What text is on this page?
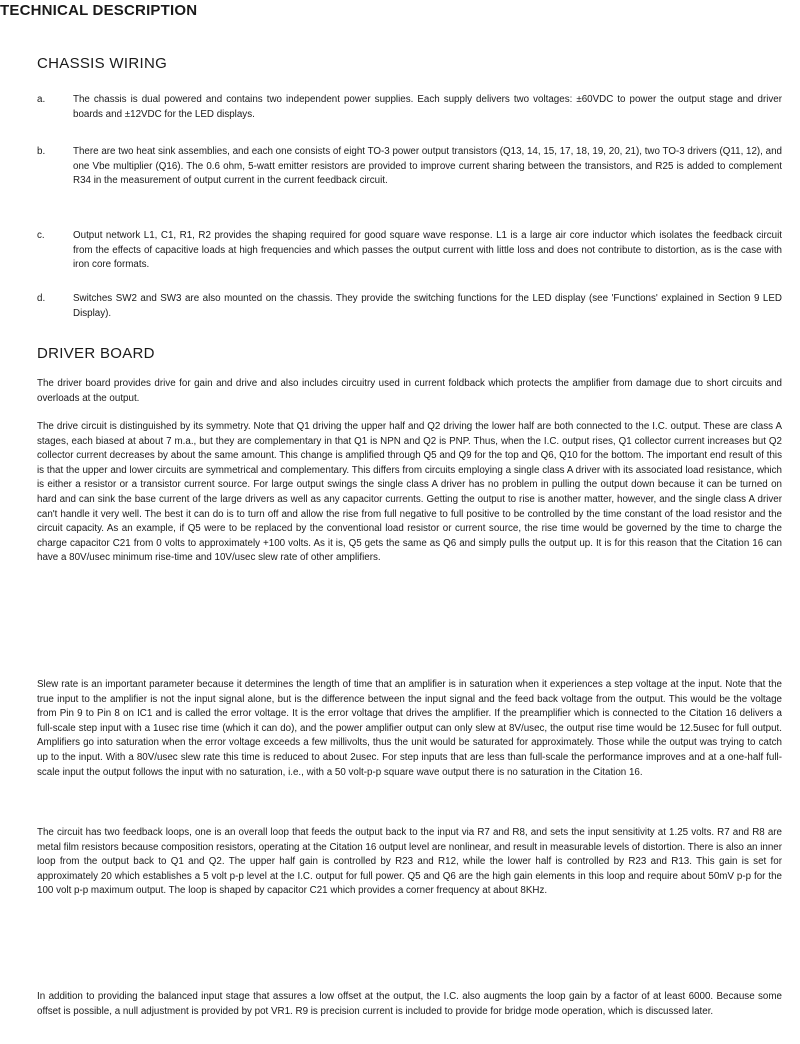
TECHNICAL DESCRIPTION
CHASSIS WIRING
a.	The chassis is dual powered and contains two independent power supplies. Each supply delivers two voltages: ±60VDC to power the output stage and driver boards and ±12VDC for the LED displays.
b.	There are two heat sink assemblies, and each one consists of eight TO-3 power output transistors (Q13, 14, 15, 17, 18, 19, 20, 21), two TO-3 drivers (Q11, 12), and one Vbe multiplier (Q16). The 0.6 ohm, 5-watt emitter resistors are provided to improve current sharing between the transistors, and R25 is added to complement R34 in the measurement of output current in the current feedback circuit.
c.	Output network L1, C1, R1, R2 provides the shaping required for good square wave response. L1 is a large air core inductor which isolates the feedback circuit from the effects of capacitive loads at high frequencies and which passes the output current with little loss and does not contribute to distortion, as is the case with iron core formats.
d.	Switches SW2 and SW3 are also mounted on the chassis. They provide the switching functions for the LED display (see 'Functions' explained in Section 9 LED Display).
DRIVER BOARD

The driver board provides drive for gain and drive and also includes circuitry used in current foldback which protects the amplifier from damage due to short circuits and overloads at the output.

The drive circuit is distinguished by its symmetry. Note that Q1 driving the upper half and Q2 driving the lower half are both connected to the I.C. output. These are class A stages, each biased at about 7 m.a., but they are complementary in that Q1 is NPN and Q2 is PNP. Thus, when the I.C. output rises, Q1 collector current increases but Q2 collector current decreases by about the same amount. This change is amplified through Q5 and Q9 for the top and Q6, Q10 for the bottom. The important end result of this is that the upper and lower circuits are symmetrical and complementary. This differs from circuits employing a single class A driver with its associated load resistance, which is either a resistor or a transistor current source. For large output swings the single class A driver has no problem in pulling the output down because it can be turned on hard and can sink the base current of the large drivers as well as any capacitor currents. Getting the output to rise is another matter, however, and the single class A driver can't handle it very well. The best it can do is to turn off and allow the rise from full negative to full positive to be controlled by the time constant of the load resistor and the circuit capacity. As an example, if Q5 were to be replaced by the conventional load resistor or current source, the rise time would be governed by the time to charge the charge capacitor C21 from 0 volts to approximately +100 volts. As it is, Q5 gets the same as Q6 and simply pulls the output up. It is for this reason that the Citation 16 can have a 80V/usec minimum rise-time and 10V/usec slew rate of other amplifiers.

Slew rate is an important parameter because it determines the length of time that an amplifier is in saturation when it experiences a step voltage at the input. Note that the true input to the amplifier is not the input signal alone, but is the difference between the input signal and the feed back voltage from the output. This would be the voltage from Pin 9 to Pin 8 on IC1 and is called the error voltage. It is the error voltage that drives the amplifier. If the preamplifier which is connected to the Citation 16 delivers a full-scale step input with a 1usec rise time (which it can do), and the power amplifier output can only slew at 8V/usec, the output rise time would be 12.5usec for full output. Amplifiers go into saturation when the error voltage exceeds a few millivolts, thus the unit would be saturated for approximately. Those while the output was trying to catch up to the input. With a 80V/usec slew rate this time is reduced to about 2usec. For step inputs that are less than full-scale the performance improves and at a one-half full-scale input the output follows the input with no saturation, i.e., with a 50 volt-p-p square wave output there is no saturation in the Citation 16.

The circuit has two feedback loops, one is an overall loop that feeds the output back to the input via R7 and R8, and sets the input sensitivity at 1.25 volts. R7 and R8 are metal film resistors because composition resistors, operating at the Citation 16 output level are nonlinear, and result in measurable levels of distortion. There is also an inner loop from the output back to Q1 and Q2. The upper half gain is controlled by R23 and R12, while the lower half is controlled by R23 and R13. This gain is set for approximately 20 which establishes a 5 volt p-p level at the I.C. output for full power. Q5 and Q6 are the high gain elements in this loop and require about 50mV p-p for the 100 volt p-p maximum output. The loop is shaped by capacitor C21 which provides a corner frequency at about 8KHz.

In addition to providing the balanced input stage that assures a low offset at the output, the I.C. also augments the loop gain by a factor of at least 6000. Because some offset is possible, a null adjustment is provided by pot VR1. R9 is precision current is included to provide for bridge mode operation, which is discussed later.
